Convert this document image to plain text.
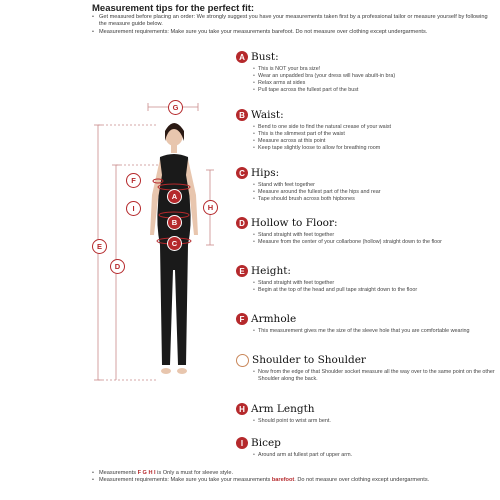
Measurement tips for the perfect fit:
• Get measured before placing an order: We strongly suggest you have your measurements taken first by a professional tailor or measure yourself by following the measure guide below.
• Measurement requirements: Make sure you take your measurements barefoot. Do not measure over clothing except undergarments.
G
F
A
I
B
H
C
E
D
A Bust:
• This is NOT your bra size!
• Wear an unpadded bra (your dress will have abuilt-in bra)
• Relax arms at sides
• Pull tape across the fullest part of the bust
B Waist:
• Bend to one side to find the natural crease of your waist
• This is the slimmest part of the waist
• Measure across at this point
• Keep tape slightly loose to allow for breathing room
C Hips:
• Stand with feet together
• Measure around the fullest part of the hips and rear
• Tape should brush across both hipbones
D Hollow to Floor:
• Stand straight with feet together
• Measure from the center of your collarbone (hollow) straight down to the floor
E Height:
• Stand straight with feet together
• Begin at the top of the head and pull tape straight down to the floor
F Armhole
• This measurement gives me the size of the sleeve hole that you are comfortable wearing
Shoulder to Shoulder
• Now from the edge of that Shoulder socket measure all the way over to the same point on the other Shoulder along the back.
H Arm Length
• Should point to wrist arm bent.
I Bicep
• Around arm at fullest part of upper arm.
• Measurements F G H I is Only a must for sleeve style.
• Measurement requirements: Make sure you take your measurements barefoot. Do not measure over clothing except undergarments.
